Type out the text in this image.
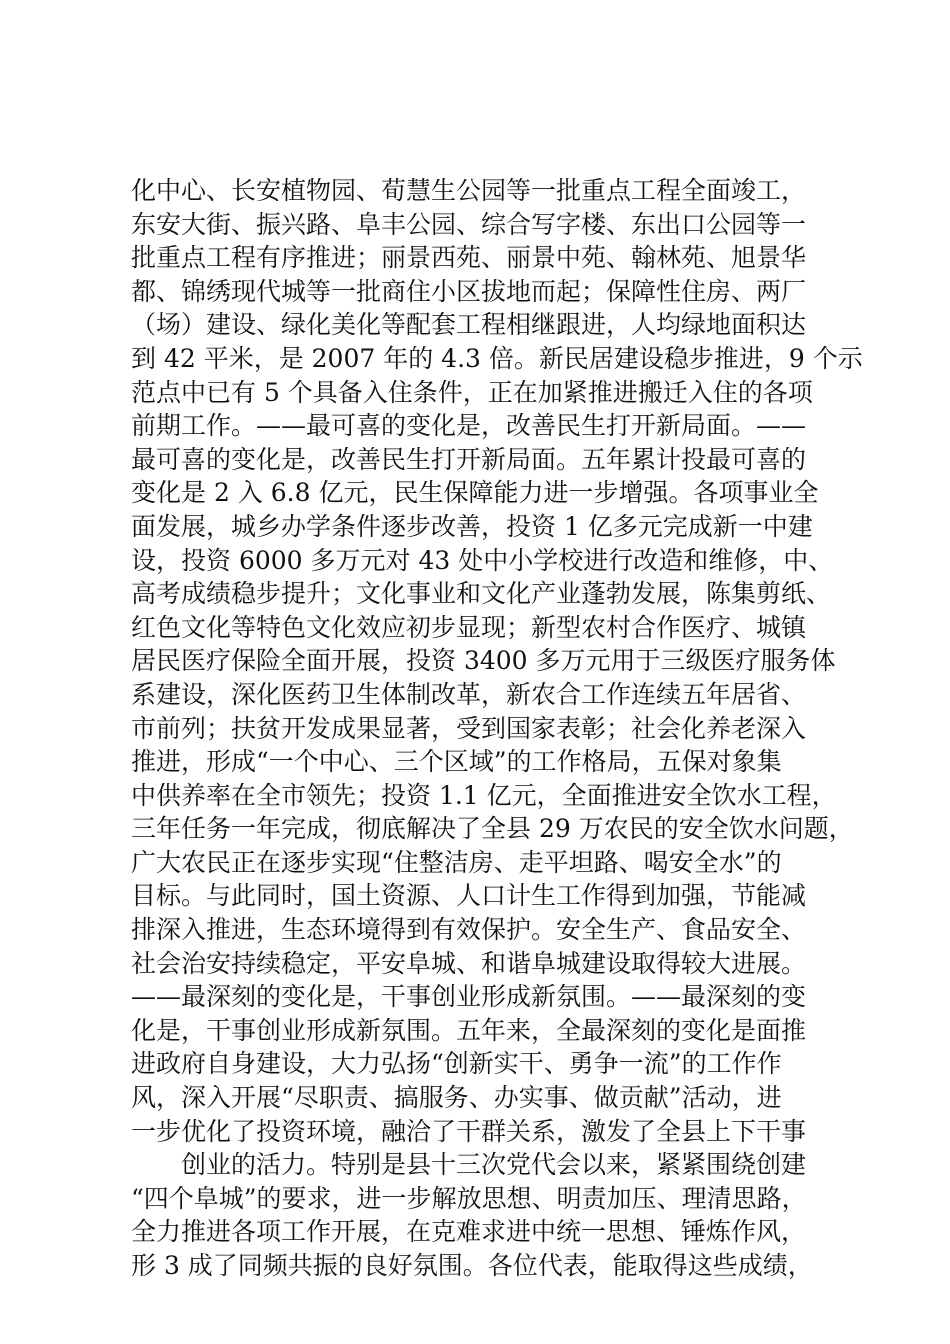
化中心、长安植物园、荀慧生公园等一批重点工程全面竣工，
东安大街、振兴路、阜丰公园、综合写字楼、东出口公园等一
批重点工程有序推进；丽景西苑、丽景中苑、翰林苑、旭景华
都、锦绣现代城等一批商住小区拔地而起；保障性住房、两厂
（场）建设、绿化美化等配套工程相继跟进，人均绿地面积达
到 42 平米，是 2007 年的 4.3 倍。新民居建设稳步推进，9 个示
范点中已有 5 个具备入住条件，正在加紧推进搬迁入住的各项
前期工作。——最可喜的变化是，改善民生打开新局面。——
最可喜的变化是，改善民生打开新局面。五年累计投最可喜的
变化是 2 入 6.8 亿元，民生保障能力进一步增强。各项事业全
面发展，城乡办学条件逐步改善，投资 1 亿多元完成新一中建
设，投资 6000 多万元对 43 处中小学校进行改造和维修，中、
高考成绩稳步提升；文化事业和文化产业蓬勃发展，陈集剪纸、
红色文化等特色文化效应初步显现；新型农村合作医疗、城镇
居民医疗保险全面开展，投资 3400 多万元用于三级医疗服务体
系建设，深化医药卫生体制改革，新农合工作连续五年居省、
市前列；扶贫开发成果显著，受到国家表彰；社会化养老深入
推进，形成“一个中心、三个区域”的工作格局，五保对象集
中供养率在全市领先；投资 1.1 亿元，全面推进安全饮水工程，
三年任务一年完成，彻底解决了全县 29 万农民的安全饮水问题，
广大农民正在逐步实现“住整洁房、走平坦路、喝安全水”的
目标。与此同时，国土资源、人口计生工作得到加强，节能减
排深入推进，生态环境得到有效保护。安全生产、食品安全、
社会治安持续稳定，平安阜城、和谐阜城建设取得较大进展。
——最深刻的变化是，干事创业形成新氛围。——最深刻的变
化是，干事创业形成新氛围。五年来，全最深刻的变化是面推
进政府自身建设，大力弘扬“创新实干、勇争一流”的工作作
风，深入开展“尽职责、搞服务、办实事、做贡献”活动，进
一步优化了投资环境，融洽了干群关系，激发了全县上下干事
创业的活力。特别是县十三次党代会以来，紧紧围绕创建
“四个阜城”的要求，进一步解放思想、明责加压、理清思路，
全力推进各项工作开展，在克难求进中统一思想、锤炼作风，
形 3 成了同频共振的良好氛围。各位代表，能取得这些成绩，
